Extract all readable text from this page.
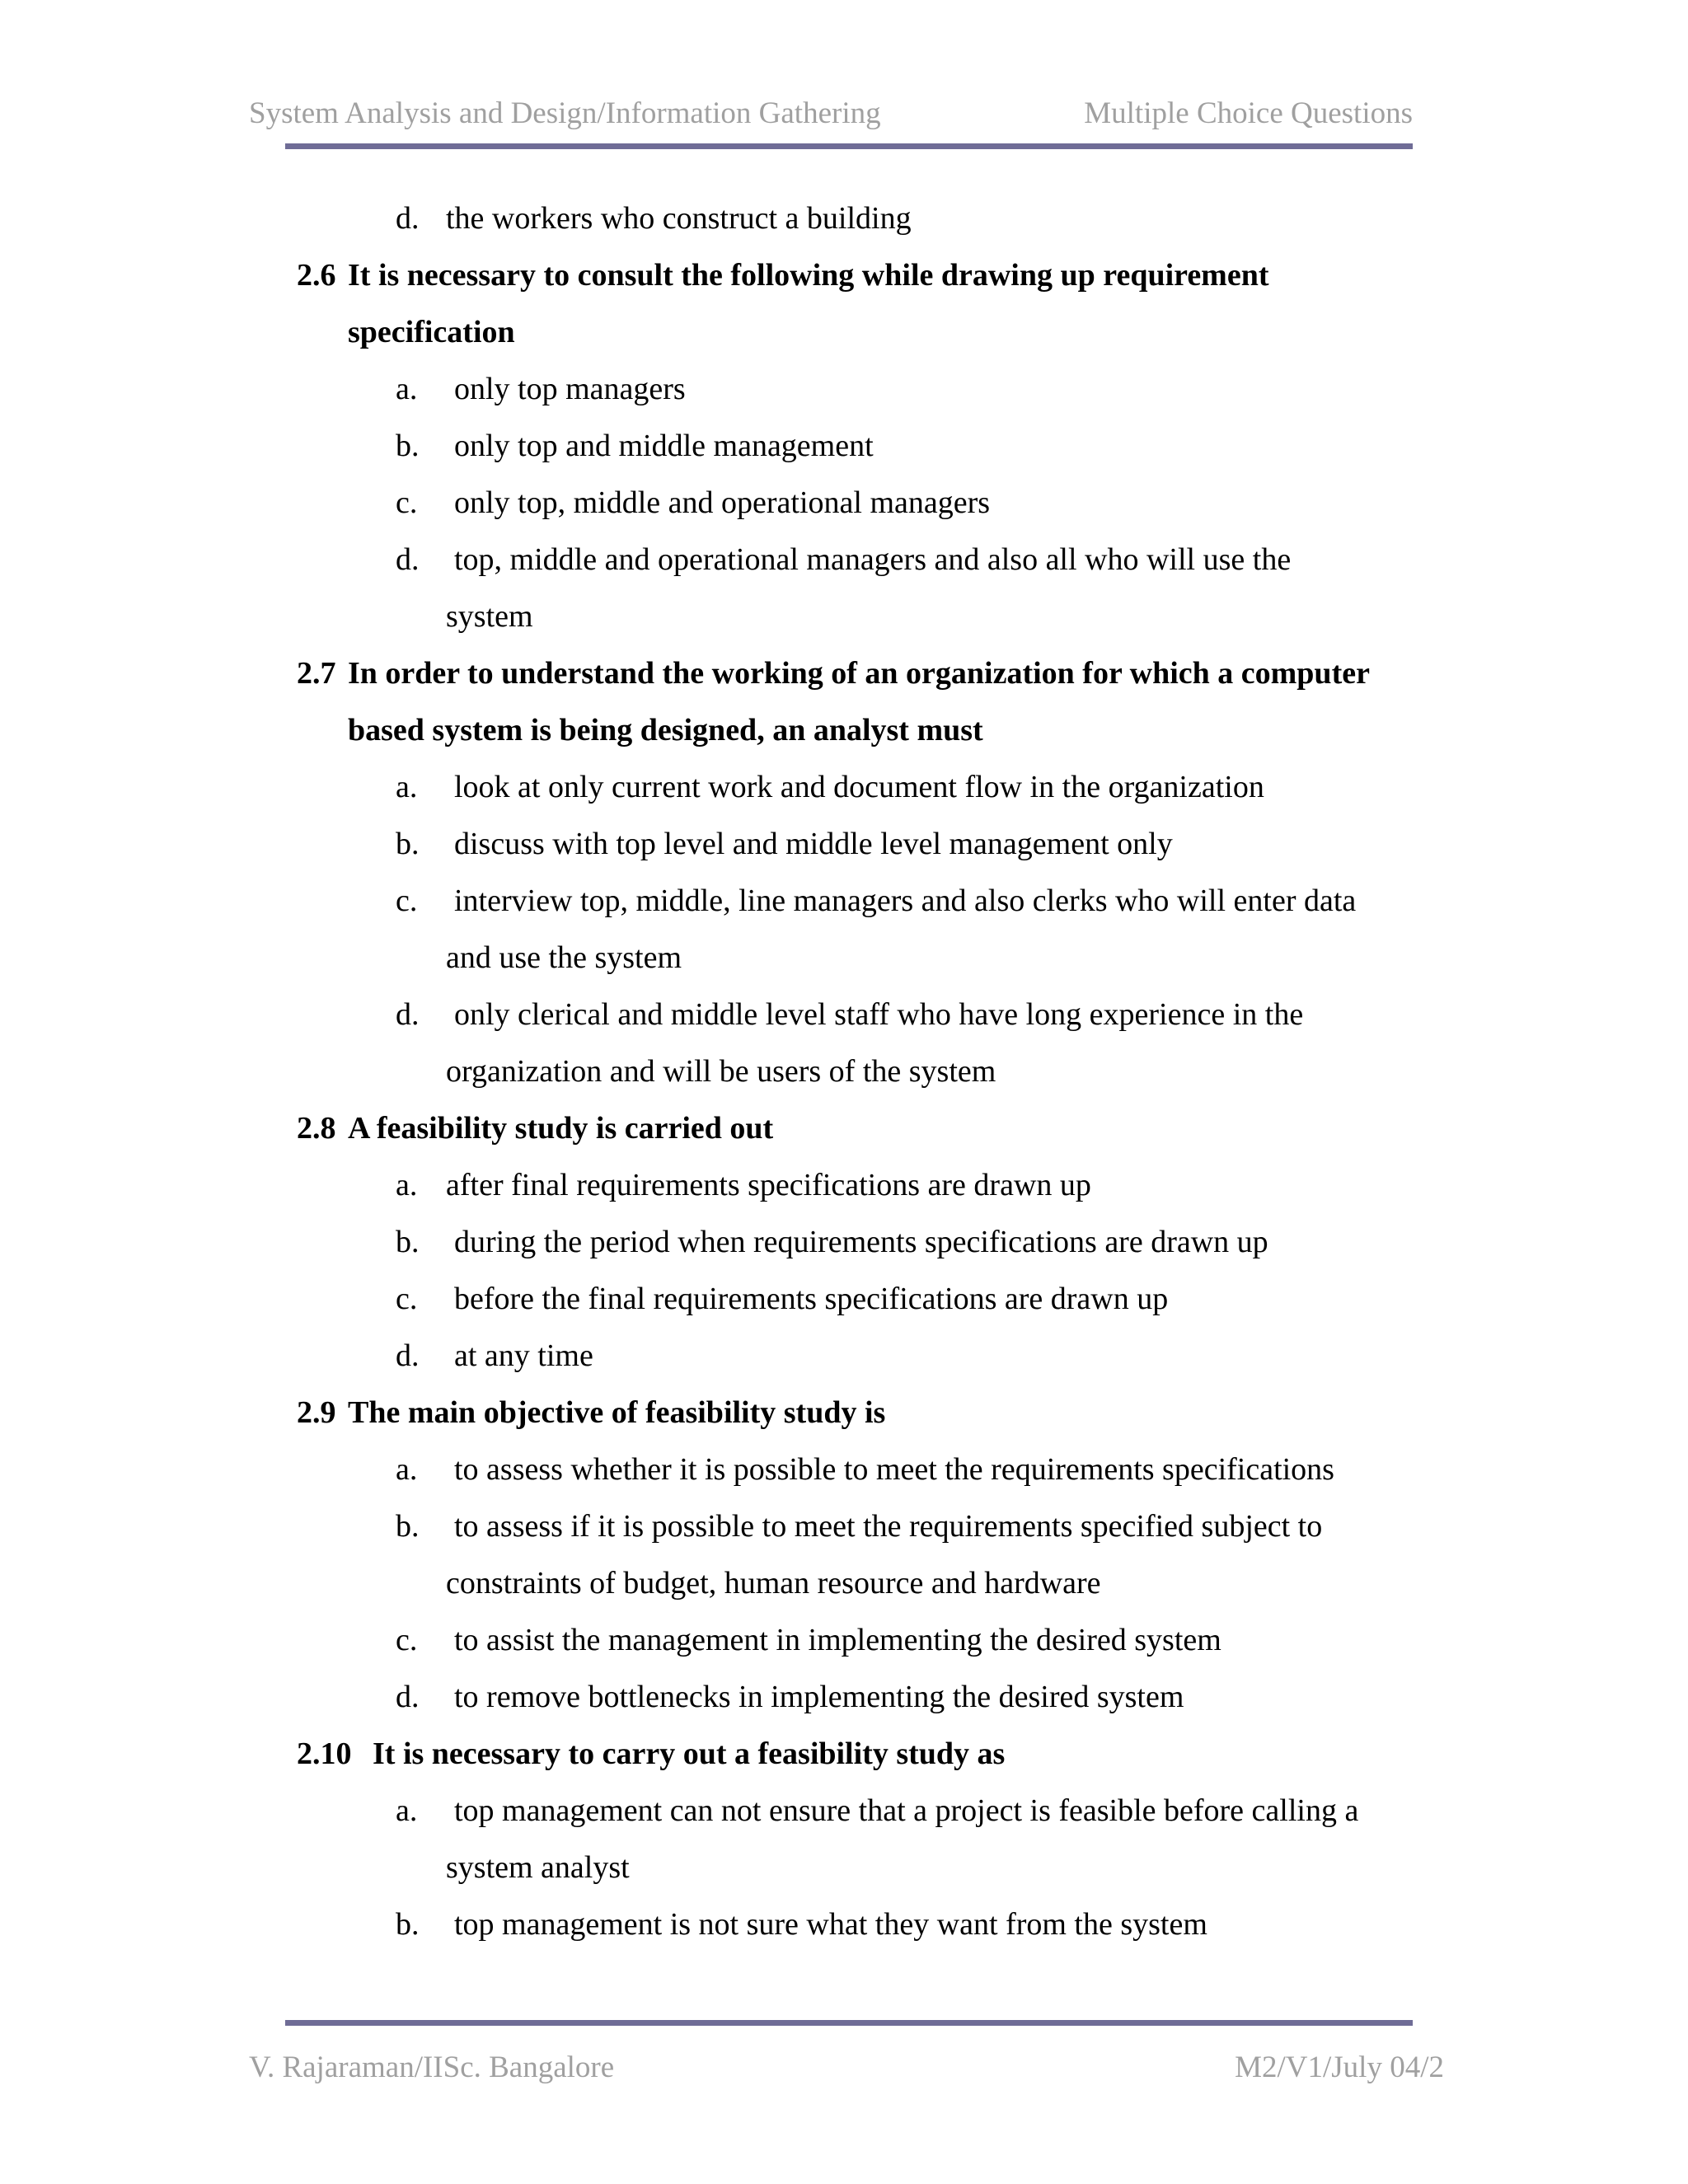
System Analysis and Design/Information Gathering	Multiple Choice Questions
d. the workers who construct a building
2.6 It is necessary to consult the following while drawing up requirement
specification
a. only top managers
b. only top and middle management
c. only top, middle and operational managers
d. top, middle and operational managers and also all who will use the
system
2.7 In order to understand the working of an organization for which a computer
based system is being designed, an analyst must
a. look at only current work and document flow in the organization
b. discuss with top level and middle level management only
c. interview top, middle, line managers and also clerks who will enter data
and use the system
d. only clerical and middle level staff who have long experience in the
organization and will be users of the system
2.8 A feasibility study is carried out
a. after final requirements specifications are drawn up
b. during the period when requirements specifications are drawn up
c. before the final requirements specifications are drawn up
d. at any time
2.9 The main objective of feasibility study is
a. to assess whether it is possible to meet the requirements specifications
b. to assess if it is possible to meet the requirements specified subject to
constraints of budget, human resource and hardware
c. to assist the management in implementing the desired system
d. to remove bottlenecks in implementing the desired system
2.10 It is necessary to carry out a feasibility study as
a. top management can not ensure that a project is feasible before calling a
system analyst
b. top management is not sure what they want from the system
V. Rajaraman/IISc. Bangalore	M2/V1/July 04/2
